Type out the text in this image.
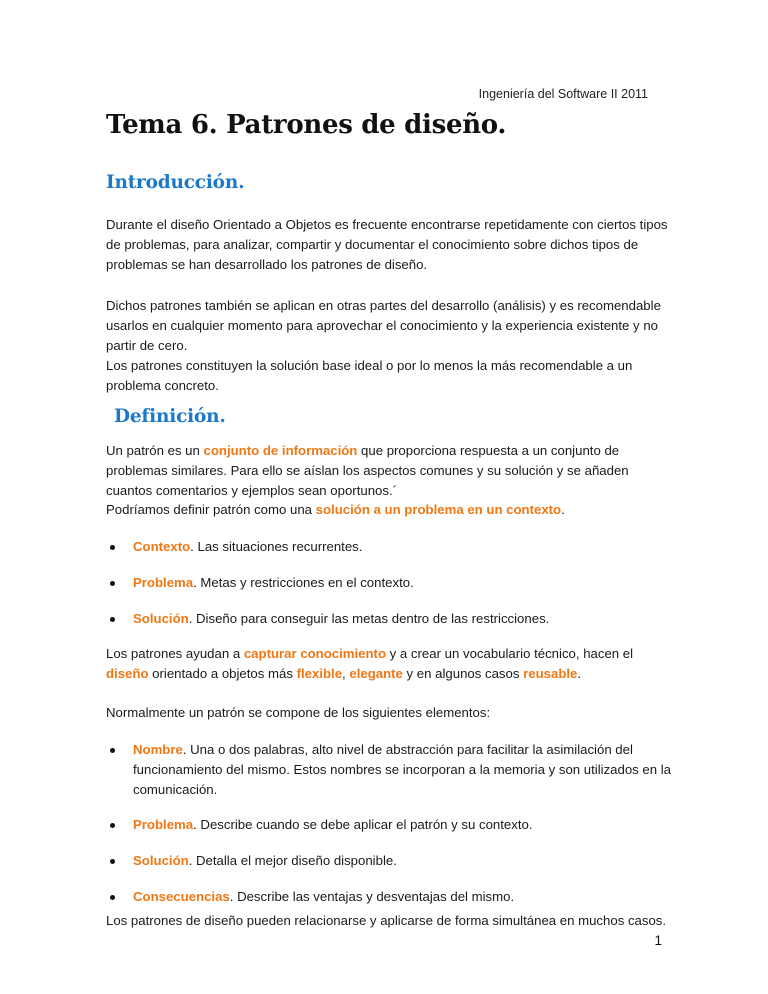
Ingeniería del Software II 2011
Tema 6. Patrones de diseño.
Introducción.

Durante el diseño Orientado a Objetos es frecuente encontrarse repetidamente con ciertos tipos de problemas, para analizar, compartir y documentar el conocimiento sobre dichos tipos de problemas se han desarrollado los patrones de diseño.

Dichos patrones también se aplican en otras partes del desarrollo (análisis) y es recomendable usarlos en cualquier momento para aprovechar el conocimiento y la experiencia existente y no partir de cero.

Los patrones constituyen la solución base ideal o por lo menos la más recomendable a un problema concreto.

Definición.

Un patrón es un conjunto de información que proporciona respuesta a un conjunto de problemas similares. Para ello se aíslan los aspectos comunes y su solución y se añaden cuantos comentarios y ejemplos sean oportunos.´

Podríamos definir patrón como una solución a un problema en un contexto.

Contexto. Las situaciones recurrentes.

Problema. Metas y restricciones en el contexto.

Solución. Diseño para conseguir las metas dentro de las restricciones.

Los patrones ayudan a capturar conocimiento y a crear un vocabulario técnico, hacen el diseño orientado a objetos más flexible, elegante y en algunos casos reusable.

Normalmente un patrón se compone de los siguientes elementos:

Nombre. Una o dos palabras, alto nivel de abstracción para facilitar la asimilación del funcionamiento del mismo. Estos nombres se incorporan a la memoria y son utilizados en la comunicación.

Problema. Describe cuando se debe aplicar el patrón y su contexto.

Solución. Detalla el mejor diseño disponible.

Consecuencias. Describe las ventajas y desventajas del mismo.

Los patrones de diseño pueden relacionarse y aplicarse de forma simultánea en muchos casos.

1
